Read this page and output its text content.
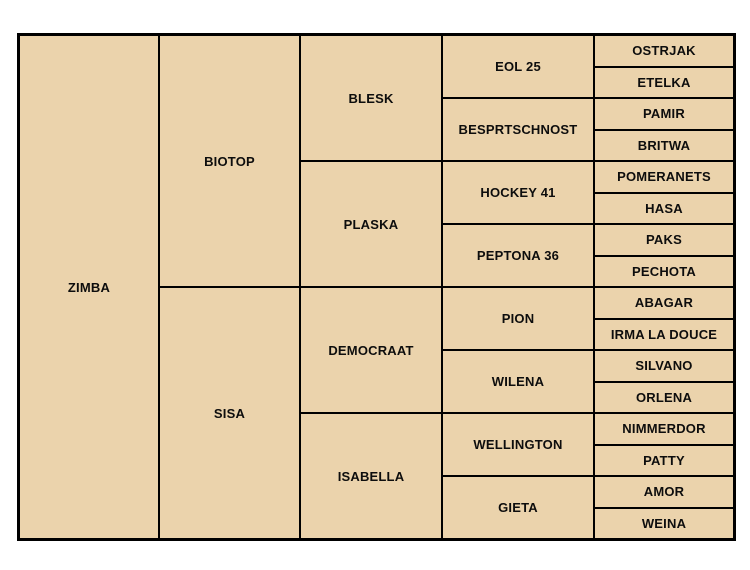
ZIMBA
BIOTOP
SISA
BLESK
PLASKA
DEMOCRAAT
ISABELLA
EOL 25
BESPRTSCHNOST
HOCKEY 41
PEPTONA 36
PION
WILENA
WELLINGTON
GIETA
OSTRJAK
ETELKA
PAMIR
BRITWA
POMERANETS
HASA
PAKS
PECHOTA
ABAGAR
IRMA LA DOUCE
SILVANO
ORLENA
NIMMERDOR
PATTY
AMOR
WEINA
